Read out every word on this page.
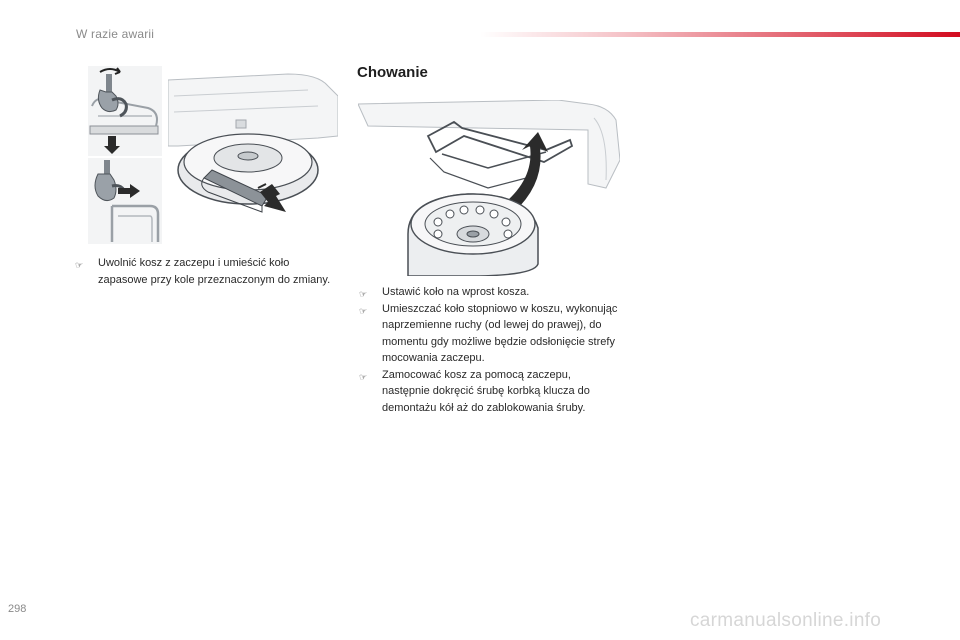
W razie awarii
Chowanie
☞ Uwolnić kosz z zaczepu i umieścić koło zapasowe przy kole przeznaczonym do zmiany.
☞ Ustawić koło na wprost kosza.
☞ Umieszczać koło stopniowo w koszu, wykonując naprzemienne ruchy (od lewej do prawej), do momentu gdy możliwe będzie odsłonięcie strefy mocowania zaczepu.
☞ Zamocować kosz za pomocą zaczepu, następnie dokręcić śrubę korbką klucza do demontażu kół aż do zablokowania śruby.
298
carmanualsonline.info
